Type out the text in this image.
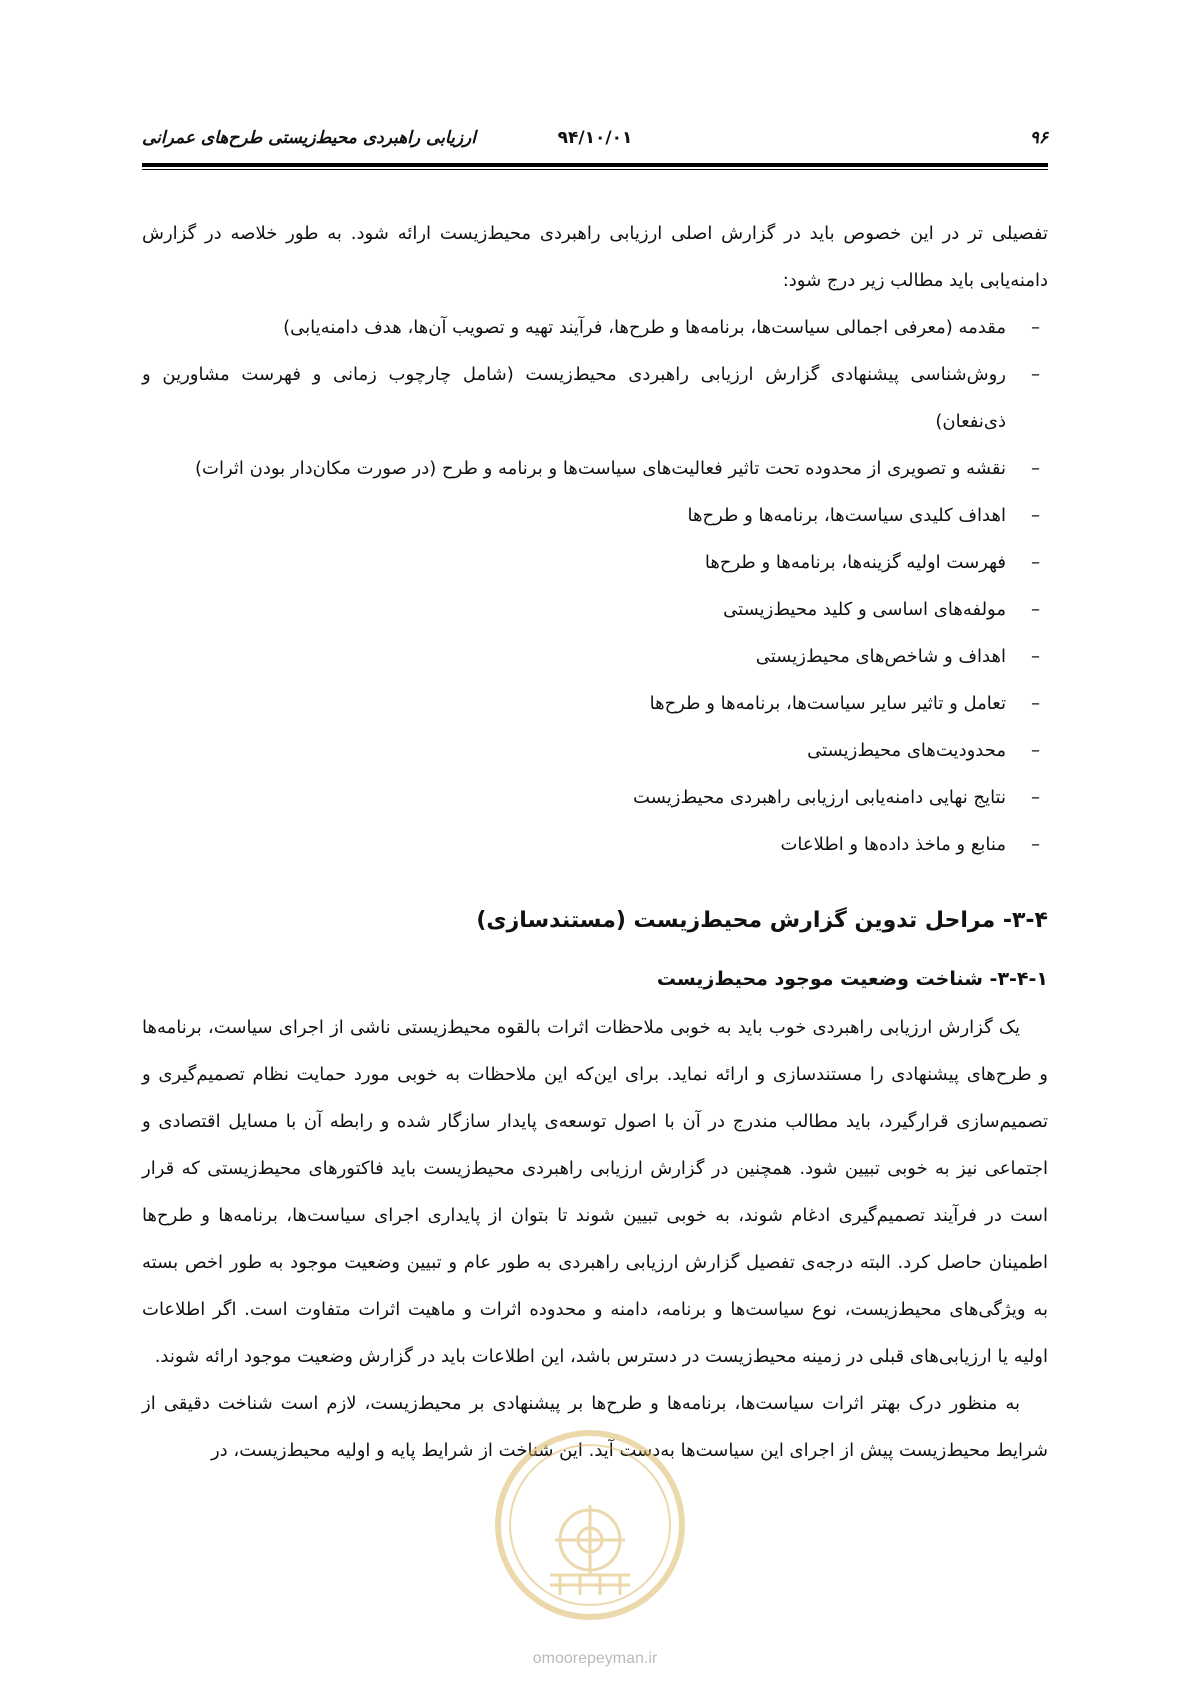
۹۶
۹۴/۱۰/۰۱
ارزیابی راهبردی محیط‌زیستی طرح‌های عمرانی

تفصیلی تر در این خصوص باید در گزارش اصلی ارزیابی راهبردی محیط‌زیست ارائه شود. به طور خلاصه در گزارش دامنه‌یابی باید مطالب زیر درج شود:

–
مقدمه (معرفی اجمالی سیاست‌ها، برنامه‌ها و طرح‌ها، فرآیند تهیه و تصویب آن‌ها، هدف دامنه‌یابی)
–
روش‌شناسی پیشنهادی گزارش ارزیابی راهبردی محیط‌زیست (شامل چارچوب زمانی و فهرست مشاورین و ذی‌نفعان)
–
نقشه و تصویری از محدوده تحت تاثیر فعالیت‌های سیاست‌ها و برنامه و طرح (در صورت مکان‌دار بودن اثرات)
–
اهداف کلیدی سیاست‌ها، برنامه‌ها و طرح‌ها
–
فهرست اولیه گزینه‌ها، برنامه‌ها و طرح‌ها
–
مولفه‌های اساسی و کلید محیط‌زیستی
–
اهداف و شاخص‌های محیط‌زیستی
–
تعامل و تاثیر سایر سیاست‌ها، برنامه‌ها و طرح‌ها
–
محدودیت‌های محیط‌زیستی
–
نتایج نهایی دامنه‌یابی ارزیابی راهبردی محیط‌زیست
–
منابع و ماخذ داده‌ها و اطلاعات
۳-۴- مراحل تدوین گزارش محیط‌زیست (مستندسازی)
۳-۴-۱- شناخت وضعیت موجود محیط‌زیست

یک گزارش ارزیابی راهبردی خوب باید به خوبی ملاحظات اثرات بالقوه محیط‌زیستی ناشی از اجرای سیاست، برنامه‌ها و طرح‌های پیشنهادی را مستندسازی و ارائه نماید. برای این‌که این ملاحظات به خوبی مورد حمایت نظام تصمیم‌گیری و تصمیم‌سازی قرارگیرد، باید مطالب مندرج در آن با اصول توسعه‌ی پایدار سازگار شده و رابطه آن با مسایل اقتصادی و اجتماعی نیز به خوبی تبیین شود. همچنین در گزارش ارزیابی راهبردی محیط‌زیست باید فاکتورهای محیط‌زیستی که قرار است در فرآیند تصمیم‌گیری ادغام شوند، به خوبی تبیین شوند تا بتوان از پایداری اجرای سیاست‌ها، برنامه‌ها و طرح‌ها اطمینان حاصل کرد. البته درجه‌ی تفصیل گزارش ارزیابی راهبردی به طور عام و تبیین وضعیت موجود به طور اخص بسته به ویژگی‌های محیط‌زیست، نوع سیاست‌ها و برنامه، دامنه و محدوده اثرات و ماهیت اثرات متفاوت است. اگر اطلاعات اولیه یا ارزیابی‌های قبلی در زمینه محیط‌زیست در دسترس باشد، این اطلاعات باید در گزارش وضعیت موجود ارائه شوند.

به منظور درک بهتر اثرات سیاست‌ها، برنامه‌ها و طرح‌ها بر پیشنهادی بر محیط‌زیست، لازم است شناخت دقیقی از شرایط محیط‌زیست پیش از اجرای این سیاست‌ها به‌دست آید. این شناخت از شرایط پایه و اولیه محیط‌زیست، در

omoorepeyman.ir
